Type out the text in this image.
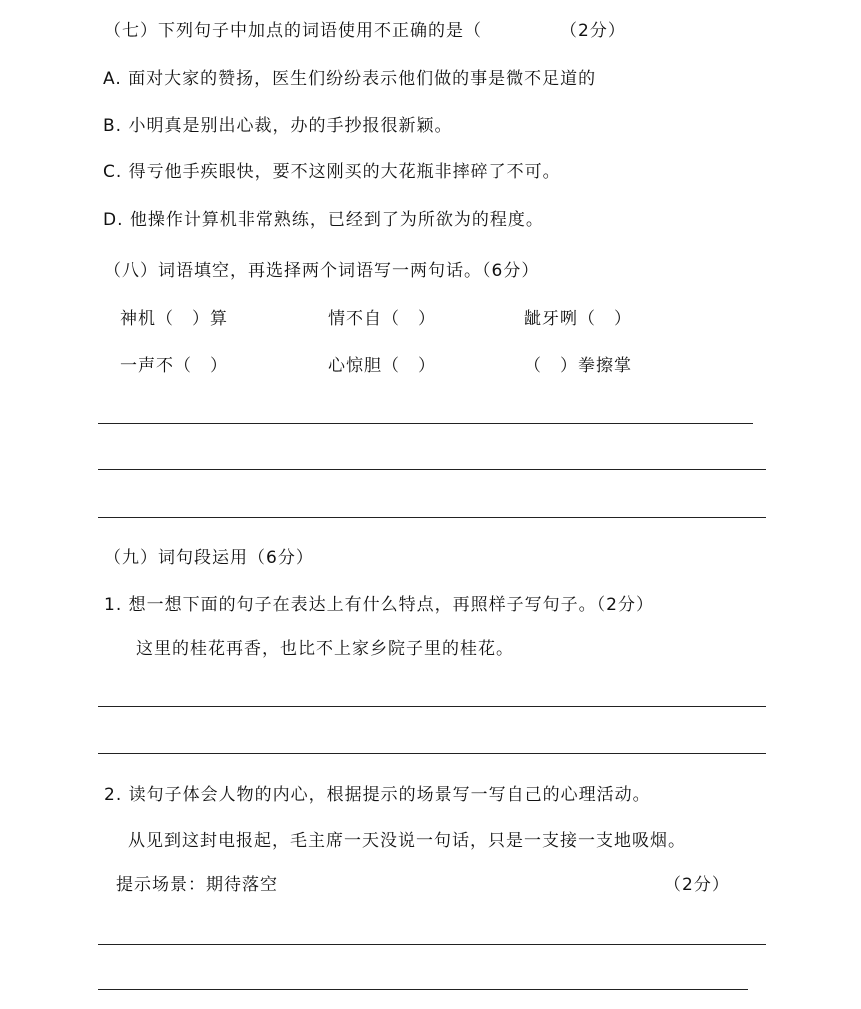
（七）下列句子中加点的词语使用不正确的是（	（2分）
A. 面对大家的赞扬，医生们纷纷表示他们做的事是微不足道的
B. 小明真是别出心裁，办的手抄报很新颖。
C. 得亏他手疾眼快，要不这刚买的大花瓶非摔碎了不可。
D. 他操作计算机非常熟练，已经到了为所欲为的程度。
（八）词语填空，再选择两个词语写一两句话。（6分）
神机（　）算	情不自（　）	龇牙咧（　）
一声不（　）	心惊胆（　）	（　）拳擦掌
（九）词句段运用（6分）
1. 想一想下面的句子在表达上有什么特点，再照样子写句子。（2分）
这里的桂花再香，也比不上家乡院子里的桂花。
2. 读句子体会人物的内心，根据提示的场景写一写自己的心理活动。
从见到这封电报起，毛主席一天没说一句话，只是一支接一支地吸烟。
提示场景：期待落空	（2分）
